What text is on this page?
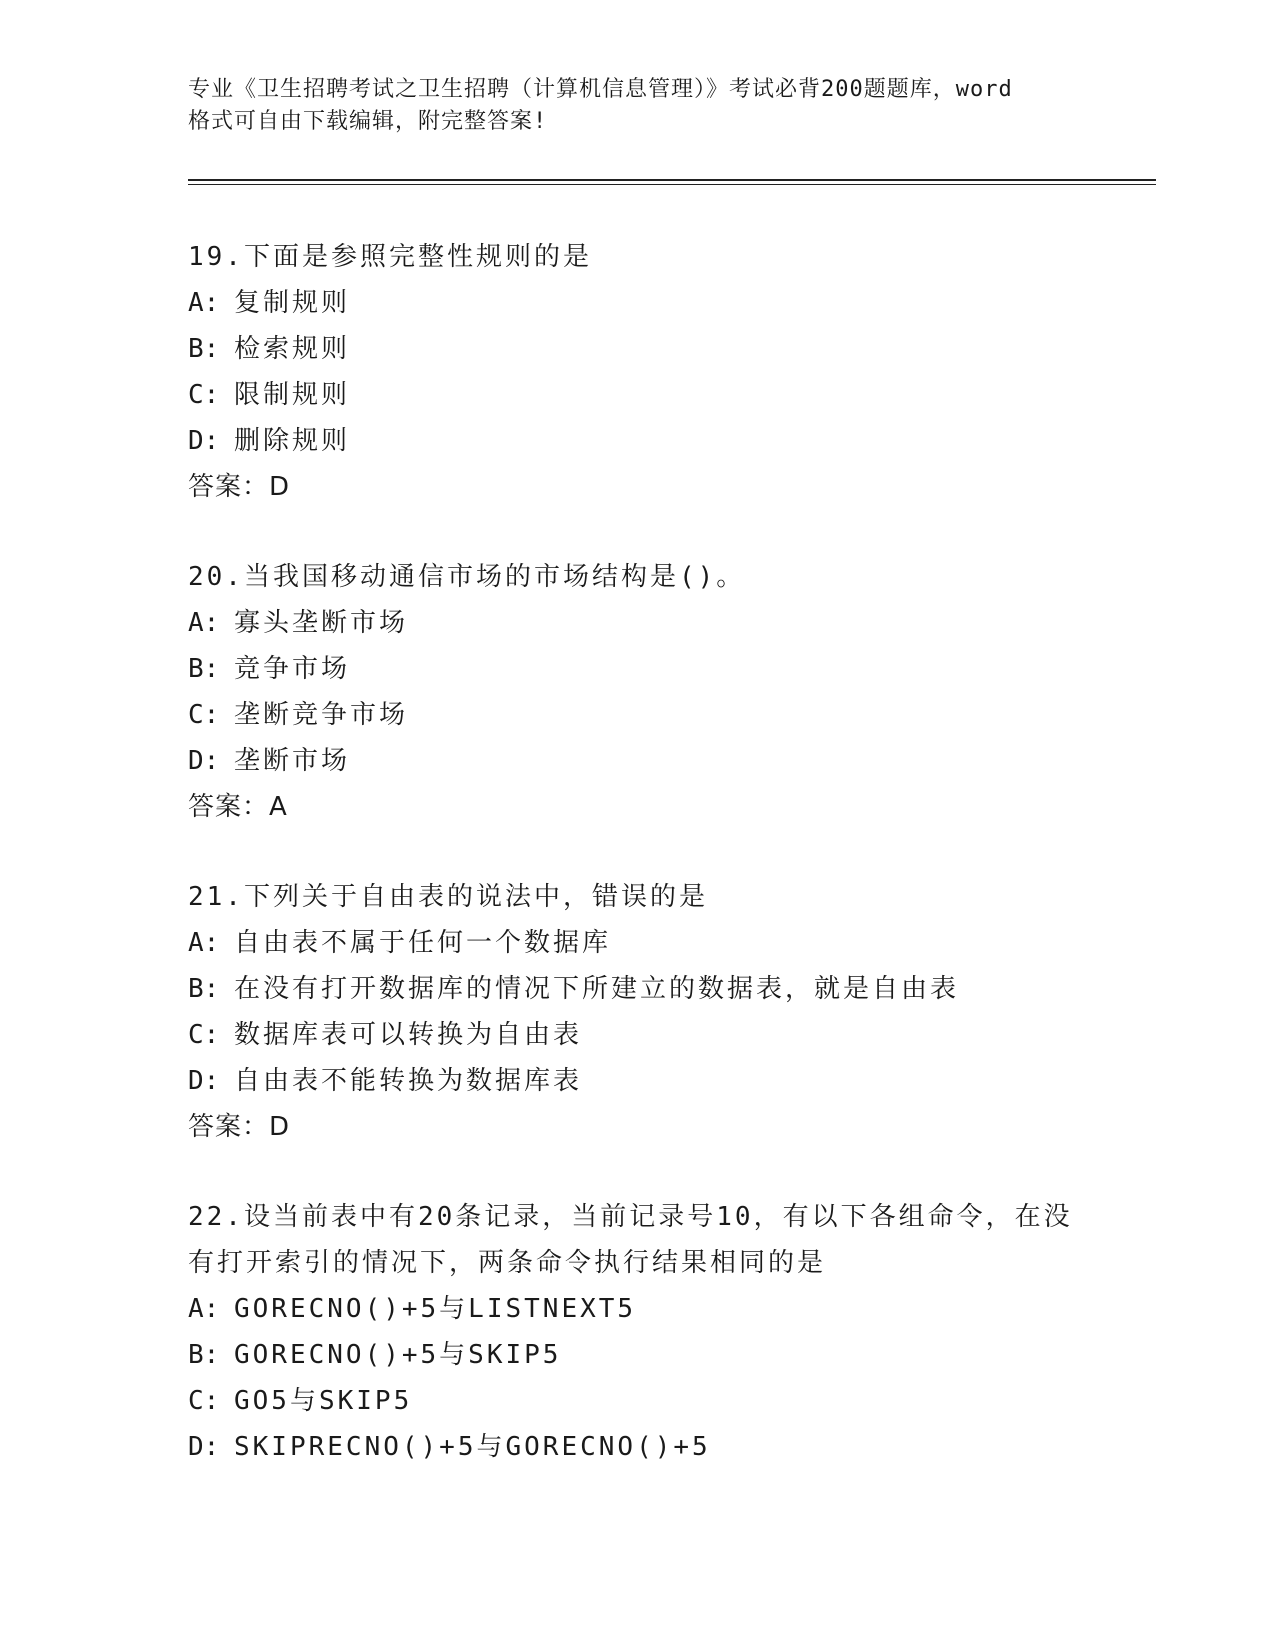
专业《卫生招聘考试之卫生招聘（计算机信息管理）》考试必背200题题库，word
格式可自由下载编辑，附完整答案!
19.下面是参照完整性规则的是
A: 复制规则
B: 检索规则
C: 限制规则
D: 删除规则
答案：D
20.当我国移动通信市场的市场结构是()。
A: 寡头垄断市场
B: 竞争市场
C: 垄断竞争市场
D: 垄断市场
答案：A
21.下列关于自由表的说法中，错误的是
A: 自由表不属于任何一个数据库
B: 在没有打开数据库的情况下所建立的数据表，就是自由表
C: 数据库表可以转换为自由表
D: 自由表不能转换为数据库表
答案：D
22.设当前表中有20条记录，当前记录号10，有以下各组命令，在没
有打开索引的情况下，两条命令执行结果相同的是
A: GORECNO()+5与LISTNEXT5
B: GORECNO()+5与SKIP5
C: GO5与SKIP5
D: SKIPRECNO()+5与GORECNO()+5
